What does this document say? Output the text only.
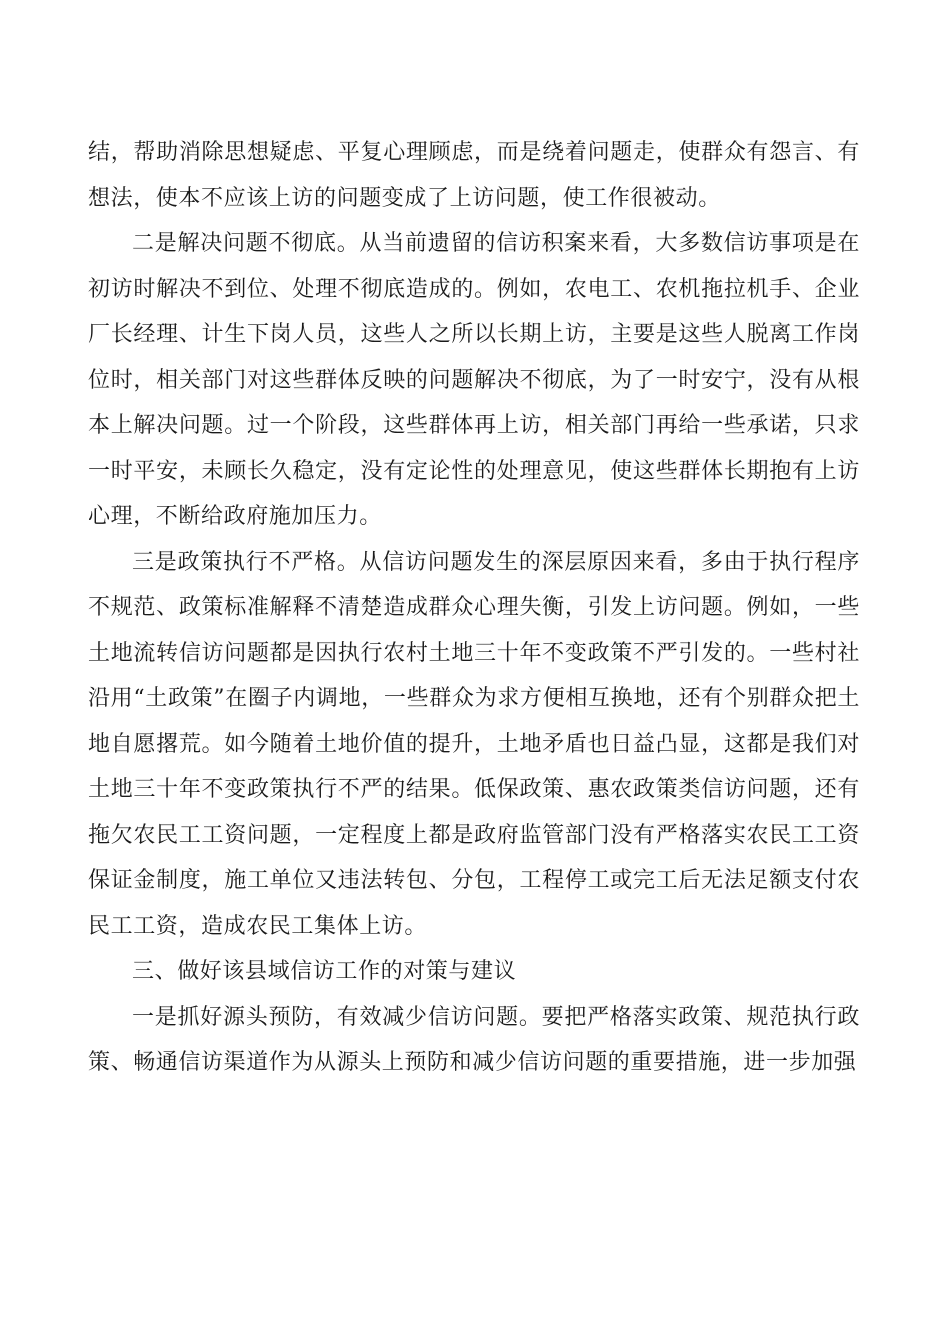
结，帮助消除思想疑虑、平复心理顾虑，而是绕着问题走，使群众有怨言、有想法，使本不应该上访的问题变成了上访问题，使工作很被动。

二是解决问题不彻底。从当前遗留的信访积案来看，大多数信访事项是在初访时解决不到位、处理不彻底造成的。例如，农电工、农机拖拉机手、企业厂长经理、计生下岗人员，这些人之所以长期上访，主要是这些人脱离工作岗位时，相关部门对这些群体反映的问题解决不彻底，为了一时安宁，没有从根本上解决问题。过一个阶段，这些群体再上访，相关部门再给一些承诺，只求一时平安，未顾长久稳定，没有定论性的处理意见，使这些群体长期抱有上访心理，不断给政府施加压力。

三是政策执行不严格。从信访问题发生的深层原因来看，多由于执行程序不规范、政策标准解释不清楚造成群众心理失衡，引发上访问题。例如，一些土地流转信访问题都是因执行农村土地三十年不变政策不严引发的。一些村社沿用“土政策”在圈子内调地，一些群众为求方便相互换地，还有个别群众把土地自愿撂荒。如今随着土地价值的提升，土地矛盾也日益凸显，这都是我们对土地三十年不变政策执行不严的结果。低保政策、惠农政策类信访问题，还有拖欠农民工工资问题，一定程度上都是政府监管部门没有严格落实农民工工资保证金制度，施工单位又违法转包、分包，工程停工或完工后无法足额支付农民工工资，造成农民工集体上访。

三、做好该县域信访工作的对策与建议

一是抓好源头预防，有效减少信访问题。要把严格落实政策、规范执行政策、畅通信访渠道作为从源头上预防和减少信访问题的重要措施，进一步加强
